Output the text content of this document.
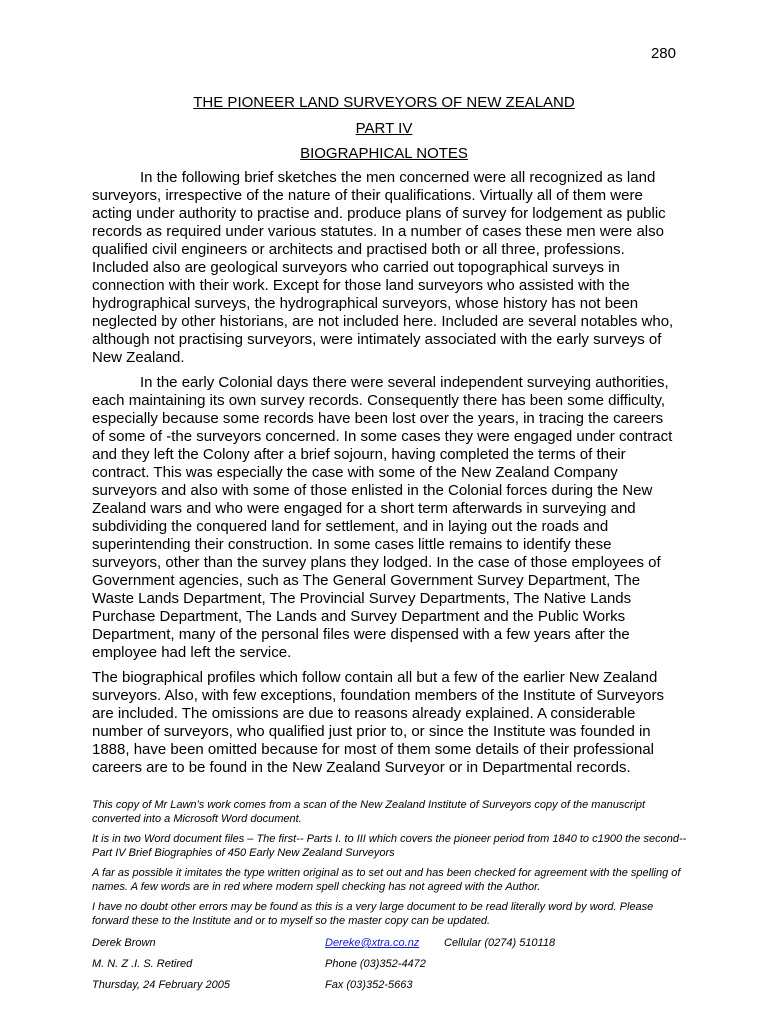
280
THE PIONEER LAND SURVEYORS OF NEW ZEALAND
PART IV
BIOGRAPHICAL NOTES

In the following brief sketches the men concerned were all recognized as land surveyors, irrespective of the nature of their qualifications. Virtually all of them were acting under authority to practise and. produce plans of survey for lodgement as public records as required under various statutes. In a number of cases these men were also qualified civil engineers or architects and practised both or all three, professions. Included also are geological surveyors who carried out topographical surveys in connection with their work. Except for those land surveyors who assisted with the hydrographical surveys, the hydrographical surveyors, whose history has not been neglected by other historians, are not included here. Included are several notables who, although not practising surveyors, were intimately associated with the early surveys of New Zealand.

In the early Colonial days there were several independent surveying authorities, each maintaining its own survey records. Consequently there has been some difficulty, especially because some records have been lost over the years, in tracing the careers of some of -the surveyors concerned. In some cases they were engaged under contract and they left the Colony after a brief sojourn, having completed the terms of their contract. This was especially the case with some of the New Zealand Company surveyors and also with some of those enlisted in the Colonial forces during the New Zealand wars and who were engaged for a short term afterwards in surveying and subdividing the conquered land for settlement, and in laying out the roads and superintending their construction. In some cases little remains to identify these surveyors, other than the survey plans they lodged. In the case of those employees of Government agencies, such as The General Government Survey Department, The Waste Lands Department, The Provincial Survey Departments, The Native Lands Purchase Department, The Lands and Survey Department and the Public Works Department, many of the personal files were dispensed with a few years after the employee had left the service.

The biographical profiles which follow contain all but a few of the earlier New Zealand surveyors. Also, with few exceptions, foundation members of the Institute of Surveyors are included. The omissions are due to reasons already explained. A considerable number of surveyors, who qualified just prior to, or since the Institute was founded in 1888, have been omitted because for most of them some details of their professional careers are to be found in the New Zealand Surveyor or in Departmental records.

This copy of Mr Lawn’s work comes from a scan of the New Zealand Institute of Surveyors copy of the manuscript converted into a Microsoft Word document.

It is in two Word document files – The first-- Parts I. to III which covers the pioneer period from 1840 to c1900 the second-- Part IV Brief Biographies of 450 Early New Zealand Surveyors

A far as possible it imitates the type written original as to set out and has been checked for agreement with the spelling of names. A few words are in red where modern spell checking has not agreed with the Author.

I have no doubt other errors may be found as this is a very large document to be read literally word by word. Please forward these to the Institute and or to myself so the master copy can be updated.

Derek Brown	Dereke@xtra.co.nz Cellular (0274) 510118
M. N. Z .I. S. Retired	Phone (03)352-4472
Thursday, 24 February 2005	Fax (03)352-5663
